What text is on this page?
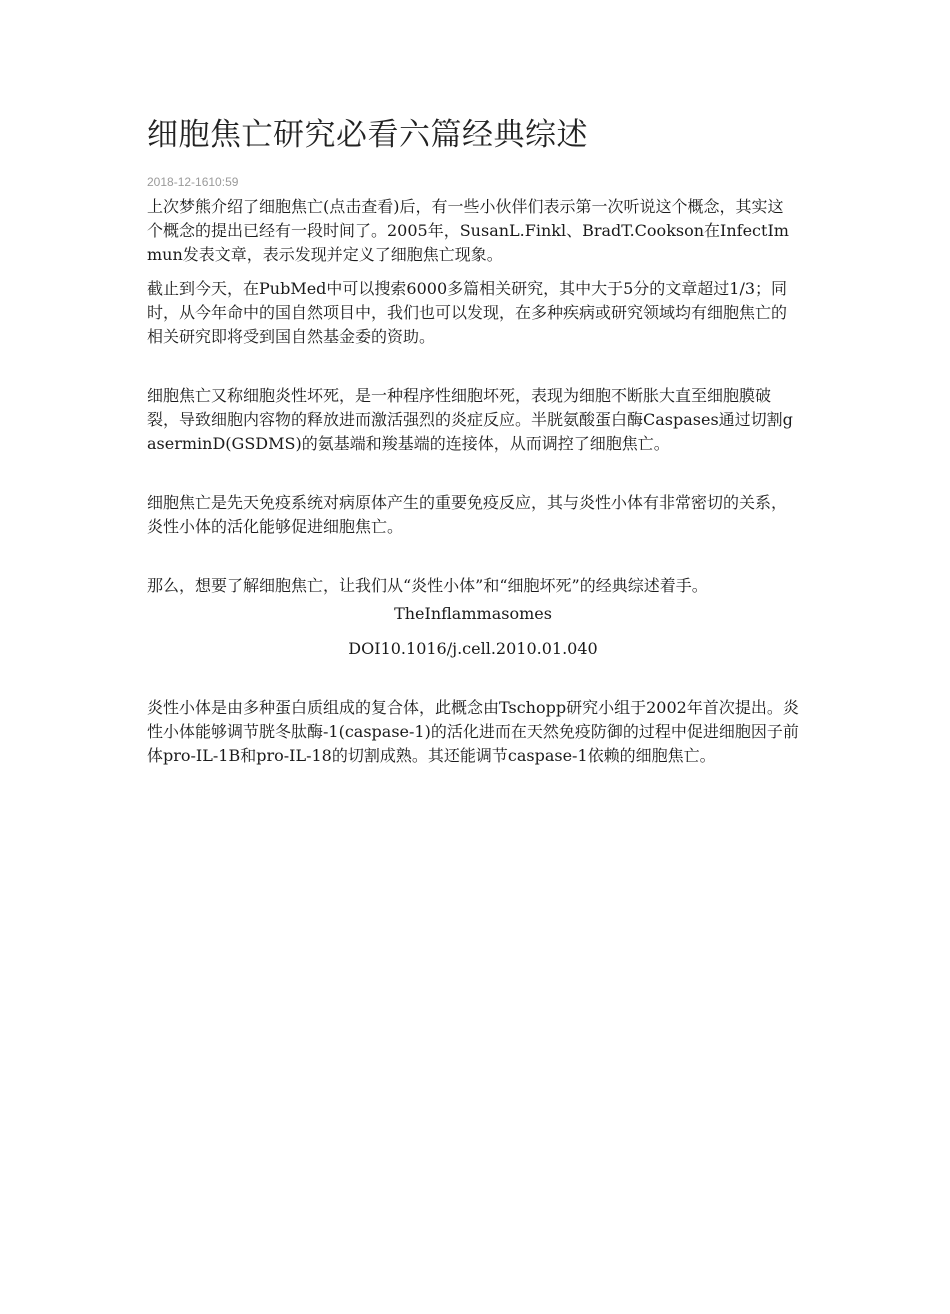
细胞焦亡研究必看六篇经典综述
2018-12-1610:59

上次梦熊介绍了细胞焦亡(点击查看)后，有一些小伙伴们表示第一次听说这个概念，其实这个概念的提出已经有一段时间了。2005年，SusanL.Finkl、BradT.Cookson在InfectImmun发表文章，表示发现并定义了细胞焦亡现象。

截止到今天，在PubMed中可以搜索6000多篇相关研究，其中大于5分的文章超过1/3；同时，从今年命中的国自然项目中，我们也可以发现，在多种疾病或研究领域均有细胞焦亡的相关研究即将受到国自然基金委的资助。

细胞焦亡又称细胞炎性坏死，是一种程序性细胞坏死，表现为细胞不断胀大直至细胞膜破裂，导致细胞内容物的释放进而激活强烈的炎症反应。半胱氨酸蛋白酶Caspases通过切割gaserminD(GSDMS)的氨基端和羧基端的连接体，从而调控了细胞焦亡。

细胞焦亡是先天免疫系统对病原体产生的重要免疫反应，其与炎性小体有非常密切的关系，炎性小体的活化能够促进细胞焦亡。

那么，想要了解细胞焦亡，让我们从“炎性小体”和“细胞坏死”的经典综述着手。

TheInflammasomes

DOI10.1016/j.cell.2010.01.040

炎性小体是由多种蛋白质组成的复合体，此概念由Tschopp研究小组于2002年首次提出。炎性小体能够调节胱冬肽酶-1(caspase-1)的活化进而在天然免疫防御的过程中促进细胞因子前体pro-IL-1B和pro-IL-18的切割成熟。其还能调节caspase-1依赖的细胞焦亡。
